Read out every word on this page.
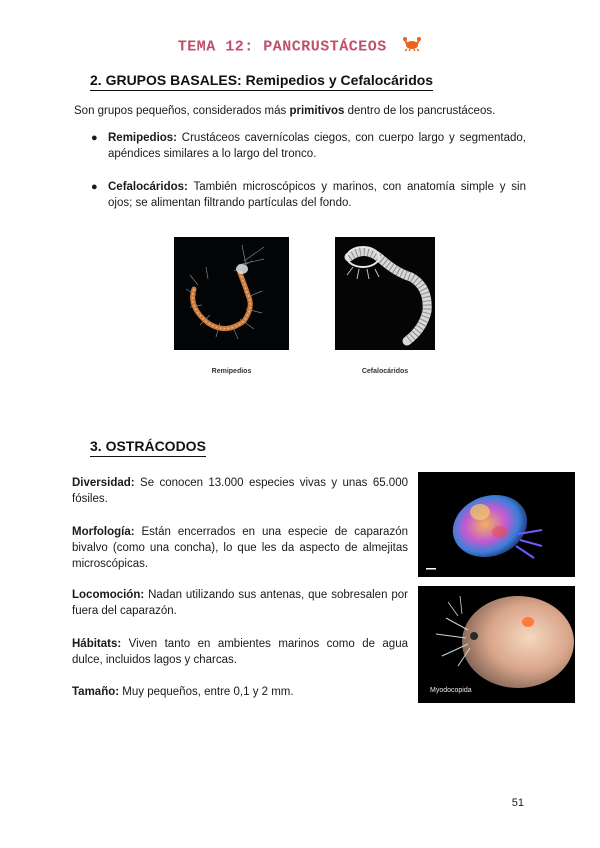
TEMA 12: PANCRUSTÁCEOS
2. GRUPOS BASALES: Remipedios y Cefalocáridos
Son grupos pequeños, considerados más primitivos dentro de los pancrustáceos.
● Remipedios: Crustáceos cavernícolas ciegos, con cuerpo largo y segmentado, apéndices similares a lo largo del tronco.
● Cefalocáridos: También microscópicos y marinos, con anatomía simple y sin ojos; se alimentan filtrando partículas del fondo.
Remipedios	Cefalocáridos
3. OSTRÁCODOS
Diversidad: Se conocen 13.000 especies vivas y unas 65.000 fósiles.
Morfología: Están encerrados en una especie de caparazón bivalvo (como una concha), lo que les da aspecto de almejitas microscópicas.
Locomoción: Nadan utilizando sus antenas, que sobresalen por fuera del caparazón.
Hábitats: Viven tanto en ambientes marinos como de agua dulce, incluidos lagos y charcas.
Tamaño: Muy pequeños, entre 0,1 y 2 mm.	Myodocopida
51
